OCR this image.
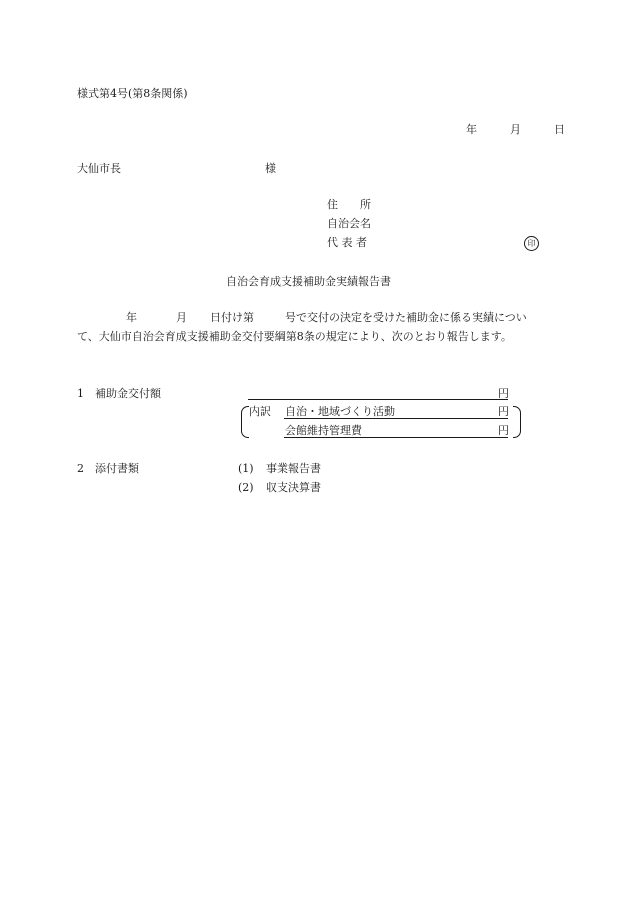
様式第4号(第8条関係)
年	月	日
大仙市長	様
住　　所
自治会名
代 表 者	印
自治会育成支援補助金実績報告書
年	月 日付け第	号で交付の決定を受けた補助金に係る実績につい
て、大仙市自治会育成支援補助金交付要綱第8条の規定により、次のとおり報告します。
1 補助金交付額	円
内訳 自治・地域づくり活動	円
会館維持管理費	円
2 添付書類	(1) 事業報告書
(2) 収支決算書
